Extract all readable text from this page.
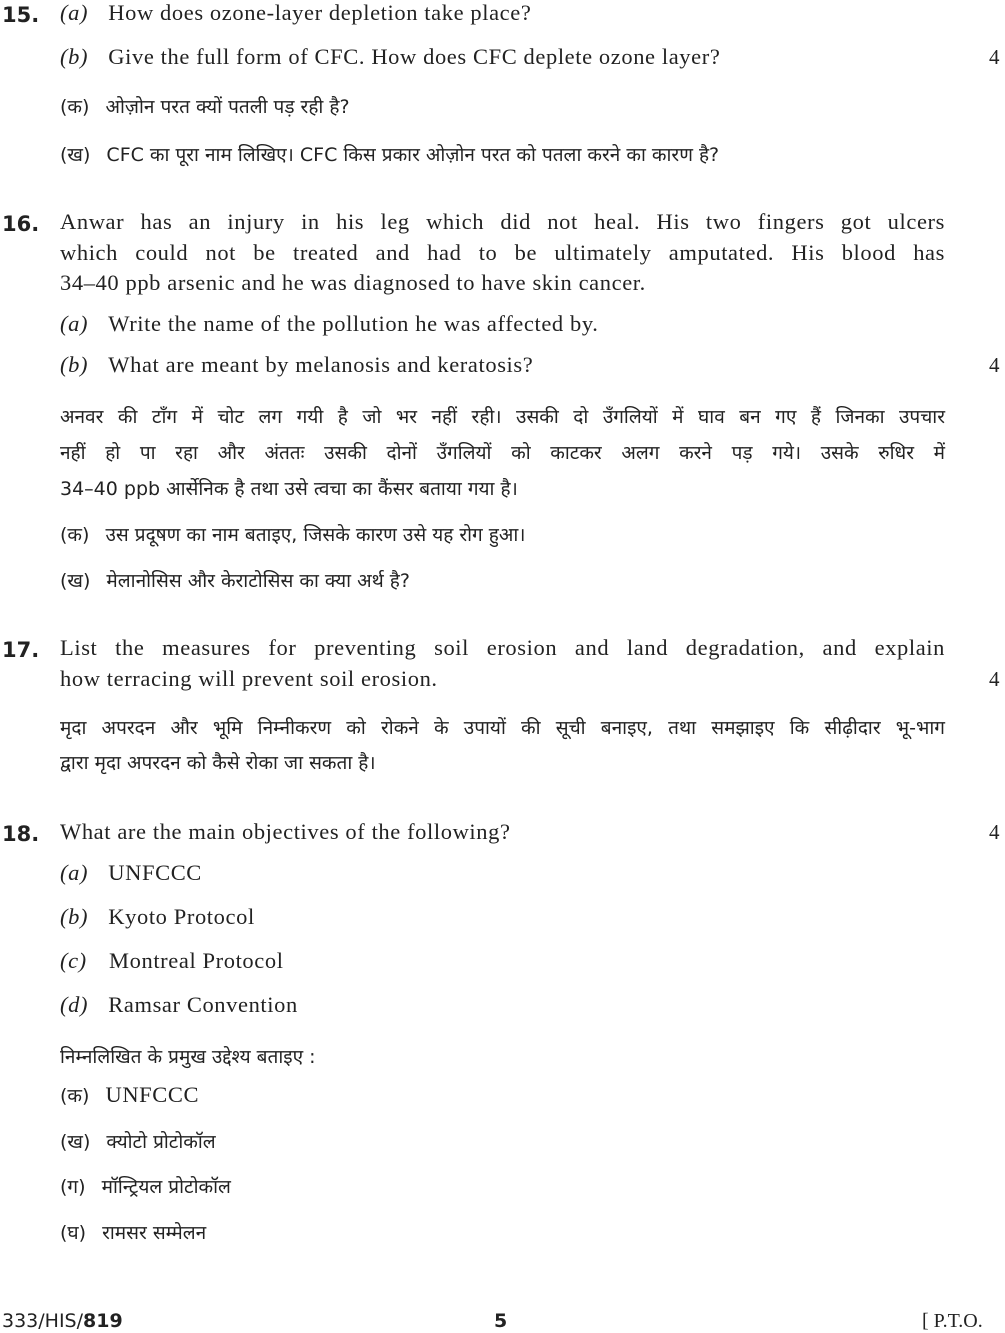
15. (a) How does ozone-layer depletion take place?
(b) Give the full form of CFC. How does CFC deplete ozone layer?	4
(क) ओज़ोन परत क्यों पतली पड़ रही है?
(ख) CFC का पूरा नाम लिखिए। CFC किस प्रकार ओज़ोन परत को पतला करने का कारण है?
16. Anwar has an injury in his leg which did not heal. His two fingers got ulcers
which could not be treated and had to be ultimately amputated. His blood has
34–40 ppb arsenic and he was diagnosed to have skin cancer.
(a) Write the name of the pollution he was affected by.
(b) What are meant by melanosis and keratosis?	4
अनवर की टाँग में चोट लग गयी है जो भर नहीं रही। उसकी दो उँगलियों में घाव बन गए हैं जिनका उपचार
नहीं हो पा रहा और अंततः उसकी दोनों उँगलियों को काटकर अलग करने पड़ गये। उसके रुधिर में
34–40 ppb आर्सेनिक है तथा उसे त्वचा का कैंसर बताया गया है।
(क) उस प्रदूषण का नाम बताइए, जिसके कारण उसे यह रोग हुआ।
(ख) मेलानोसिस और केराटोसिस का क्या अर्थ है?
17. List the measures for preventing soil erosion and land degradation, and explain
how terracing will prevent soil erosion.	4
मृदा अपरदन और भूमि निम्नीकरण को रोकने के उपायों की सूची बनाइए, तथा समझाइए कि सीढ़ीदार भू-भाग
द्वारा मृदा अपरदन को कैसे रोका जा सकता है।
18. What are the main objectives of the following?	4
(a) UNFCCC
(b) Kyoto Protocol
(c) Montreal Protocol
(d) Ramsar Convention
निम्नलिखित के प्रमुख उद्देश्य बताइए :
(क) UNFCCC
(ख) क्योटो प्रोटोकॉल
(ग) मॉन्ट्रियल प्रोटोकॉल
(घ) रामसर सम्मेलन
333/HIS/819	5	[ P.T.O.
